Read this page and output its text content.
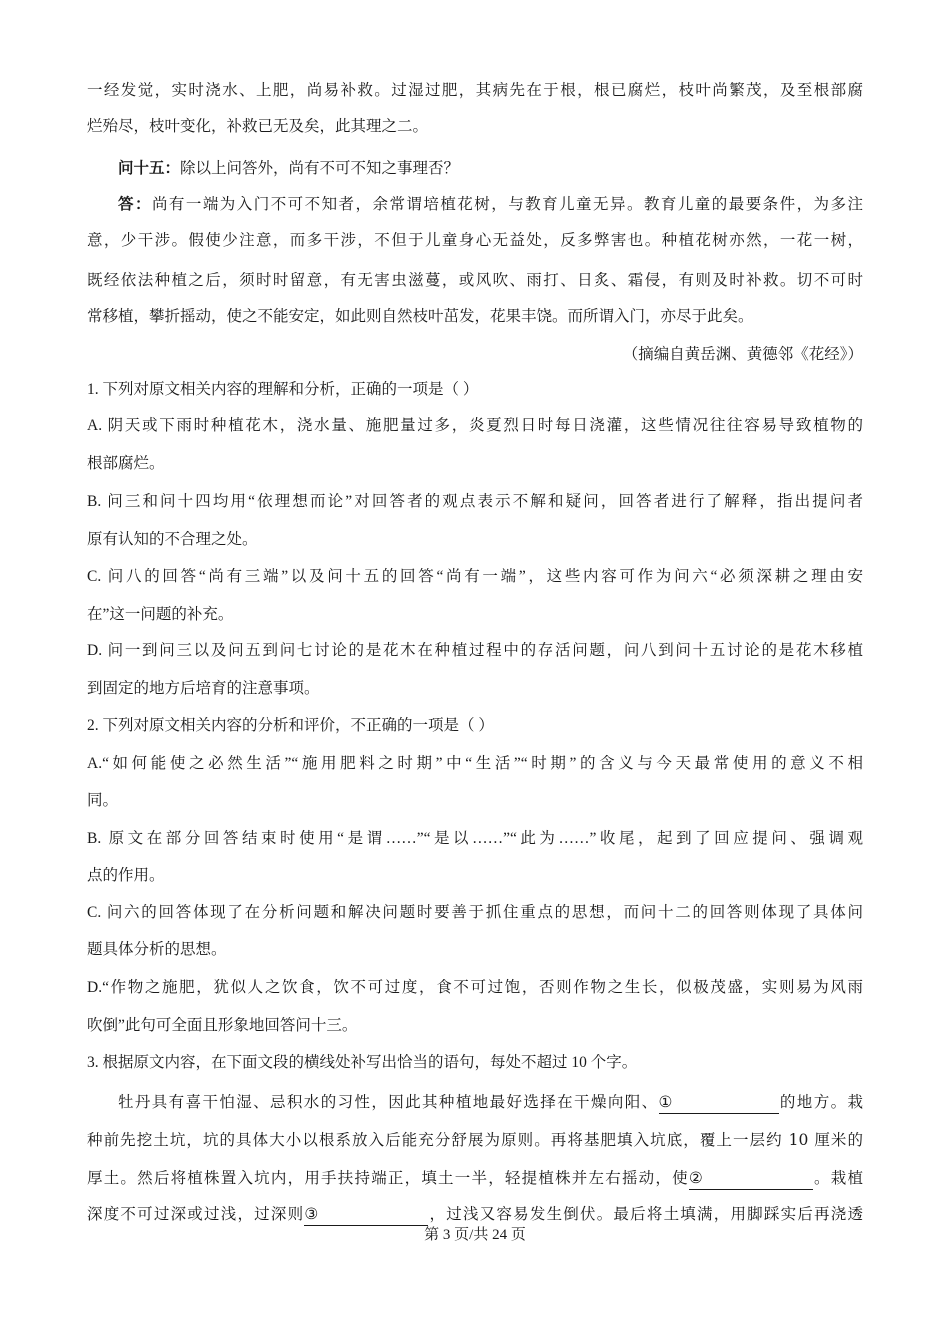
一经发觉，实时浇水、上肥，尚易补救。过湿过肥，其病先在于根，根已腐烂，枝叶尚繁茂，及至根部腐

烂殆尽，枝叶变化，补救已无及矣，此其理之二。

问十五：除以上问答外，尚有不可不知之事理否？

答：尚有一端为入门不可不知者，余常谓培植花树，与教育儿童无异。教育儿童的最要条件，为多注

意，少干涉。假使少注意，而多干涉，不但于儿童身心无益处，反多弊害也。种植花树亦然，一花一树，

既经依法种植之后，须时时留意，有无害虫滋蔓，或风吹、雨打、日炙、霜侵，有则及时补救。切不可时

常移植，攀折摇动，使之不能安定，如此则自然枝叶茁发，花果丰饶。而所谓入门，亦尽于此矣。

（摘编自黄岳渊、黄德邻《花经》）

1. 下列对原文相关内容的理解和分析，正确的一项是（ ）

A. 阴天或下雨时种植花木，浇水量、施肥量过多，炎夏烈日时每日浇灌，这些情况往往容易导致植物的

根部腐烂。

B. 问三和问十四均用“依理想而论”对回答者的观点表示不解和疑问，回答者进行了解释，指出提问者

原有认知的不合理之处。

C. 问八的回答“尚有三端”以及问十五的回答“尚有一端”，这些内容可作为问六“必须深耕之理由安

在”这一问题的补充。

D. 问一到问三以及问五到问七讨论的是花木在种植过程中的存活问题，问八到问十五讨论的是花木移植

到固定的地方后培育的注意事项。

2. 下列对原文相关内容的分析和评价，不正确的一项是（ ）

A.“如何能使之必然生活”“施用肥料之时期”中“生活”“时期”的含义与今天最常使用的意义不相

同。

B. 原文在部分回答结束时使用“是谓……”“是以……”“此为……”收尾，起到了回应提问、强调观

点的作用。

C. 问六的回答体现了在分析问题和解决问题时要善于抓住重点的思想，而问十二的回答则体现了具体问

题具体分析的思想。

D.“作物之施肥，犹似人之饮食，饮不可过度，食不可过饱，否则作物之生长，似极茂盛，实则易为风雨

吹倒”此句可全面且形象地回答问十三。

3. 根据原文内容，在下面文段的横线处补写出恰当的语句，每处不超过 10 个字。

牡丹具有喜干怕湿、忌积水的习性，因此其种植地最好选择在干燥向阳、①	的地方。栽

种前先挖土坑，坑的具体大小以根系放入后能充分舒展为原则。再将基肥填入坑底，覆上一层约 10 厘米的

厚土。然后将植株置入坑内，用手扶持端正，填土一半，轻提植株并左右摇动，使②	。栽植

深度不可过深或过浅，过深则③	，过浅又容易发生倒伏。最后将土填满，用脚踩实后再浇透

第 3 页/共 24 页
